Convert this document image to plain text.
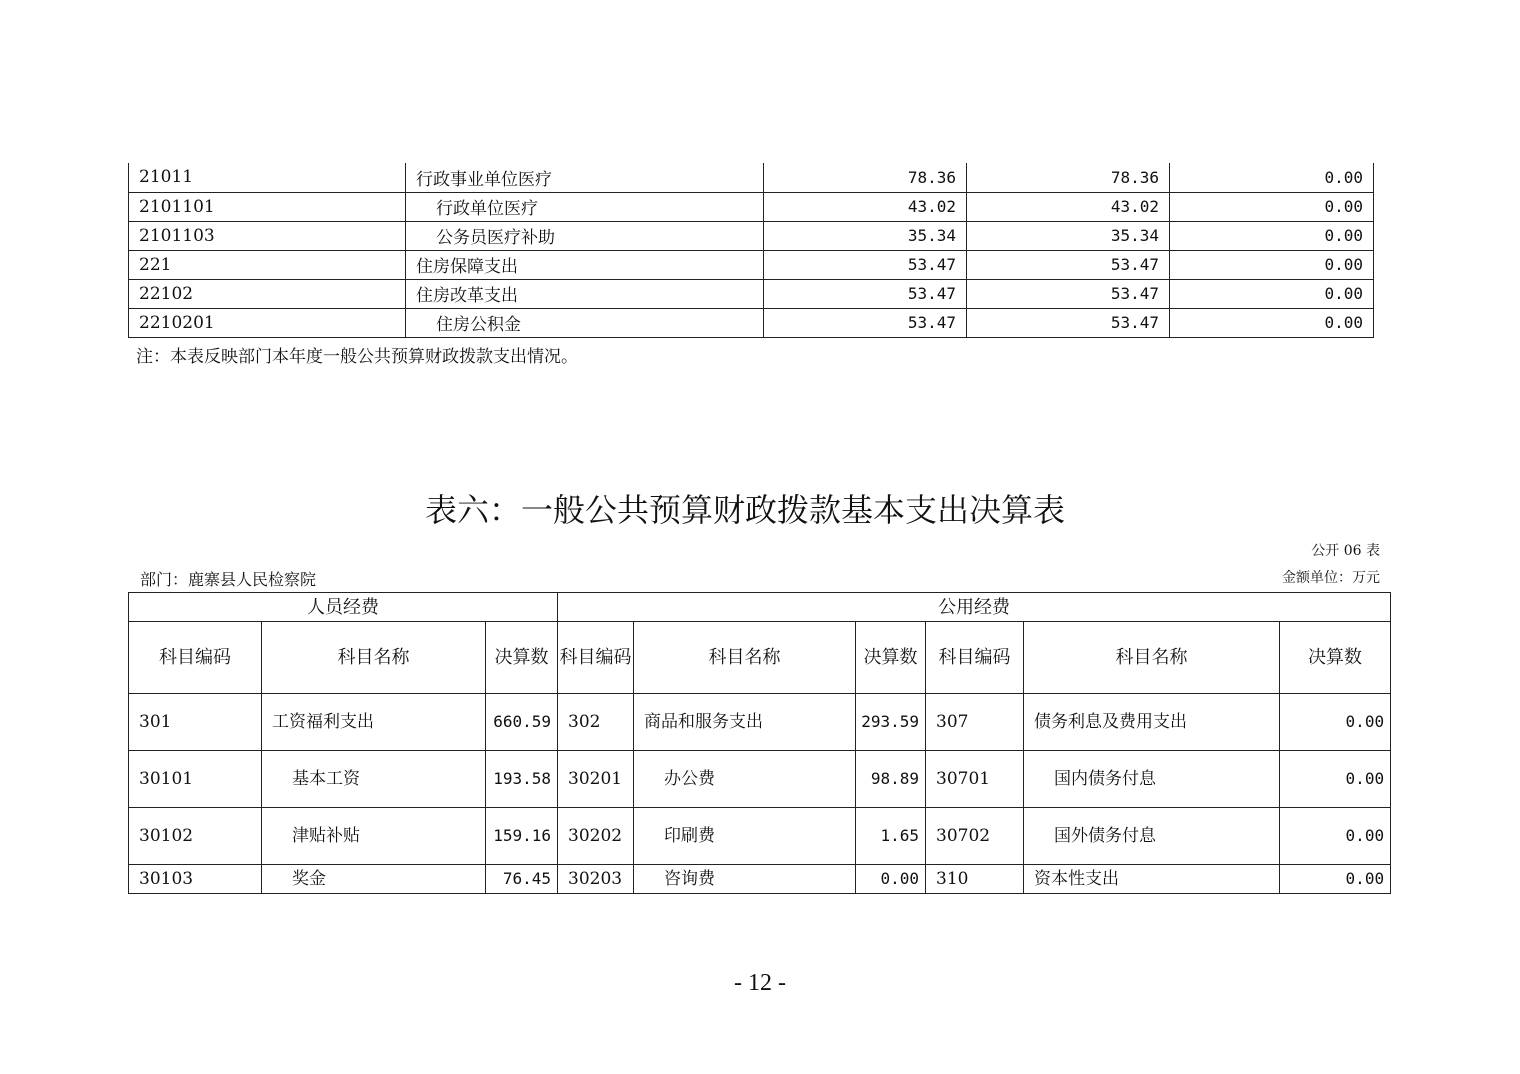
21011	行政事业单位医疗	78.36	78.36	0.00
2101101	行政单位医疗	43.02	43.02	0.00
2101103	公务员医疗补助	35.34	35.34	0.00
221	住房保障支出	53.47	53.47	0.00
22102	住房改革支出	53.47	53.47	0.00
2210201	住房公积金	53.47	53.47	0.00
注：本表反映部门本年度一般公共预算财政拨款支出情况。
表六：一般公共预算财政拨款基本支出决算表
公开 06 表
部门：鹿寨县人民检察院	金额单位：万元
人员经费			公用经费					
科目编码	科目名称	决算数	科目编码	科目名称	决算数	科目编码	科目名称	决算数
301	工资福利支出	660.59	302	商品和服务支出	293.59	307	债务利息及费用支出	0.00
30101	基本工资	193.58	30201	办公费	98.89	30701	国内债务付息	0.00
30102	津贴补贴	159.16	30202	印刷费	1.65	30702	国外债务付息	0.00
30103	奖金	76.45	30203	咨询费	0.00	310	资本性支出	0.00
- 12 -
